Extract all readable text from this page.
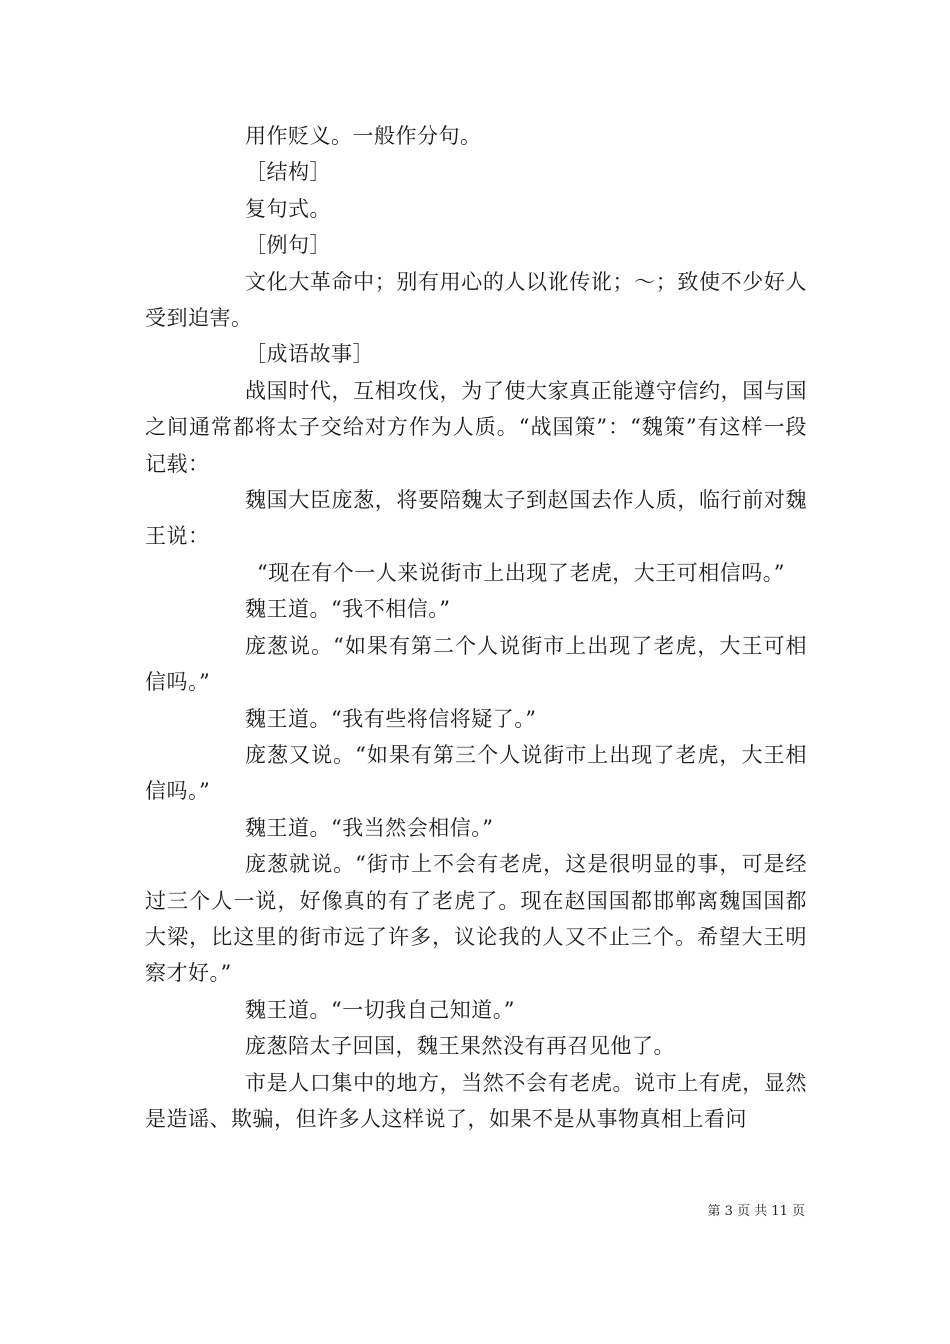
用作贬义。一般作分句。

［结构］

复句式。

［例句］

文化大革命中；别有用心的人以讹传讹；～；致使不少好人受到迫害。

［成语故事］

战国时代，互相攻伐，为了使大家真正能遵守信约，国与国之间通常都将太子交给对方作为人质。“战国策”：“魏策”有这样一段记载：

魏国大臣庞葱，将要陪魏太子到赵国去作人质，临行前对魏王说：

“现在有个一人来说街市上出现了老虎，大王可相信吗。”

魏王道。“我不相信。”

庞葱说。“如果有第二个人说街市上出现了老虎，大王可相信吗。”

魏王道。“我有些将信将疑了。”

庞葱又说。“如果有第三个人说街市上出现了老虎，大王相信吗。”

魏王道。“我当然会相信。”

庞葱就说。“街市上不会有老虎，这是很明显的事，可是经过三个人一说，好像真的有了老虎了。现在赵国国都邯郸离魏国国都大梁，比这里的街市远了许多，议论我的人又不止三个。希望大王明察才好。”

魏王道。“一切我自己知道。”

庞葱陪太子回国，魏王果然没有再召见他了。

市是人口集中的地方，当然不会有老虎。说市上有虎，显然是造谣、欺骗，但许多人这样说了，如果不是从事物真相上看问

第 3 页 共 11 页
